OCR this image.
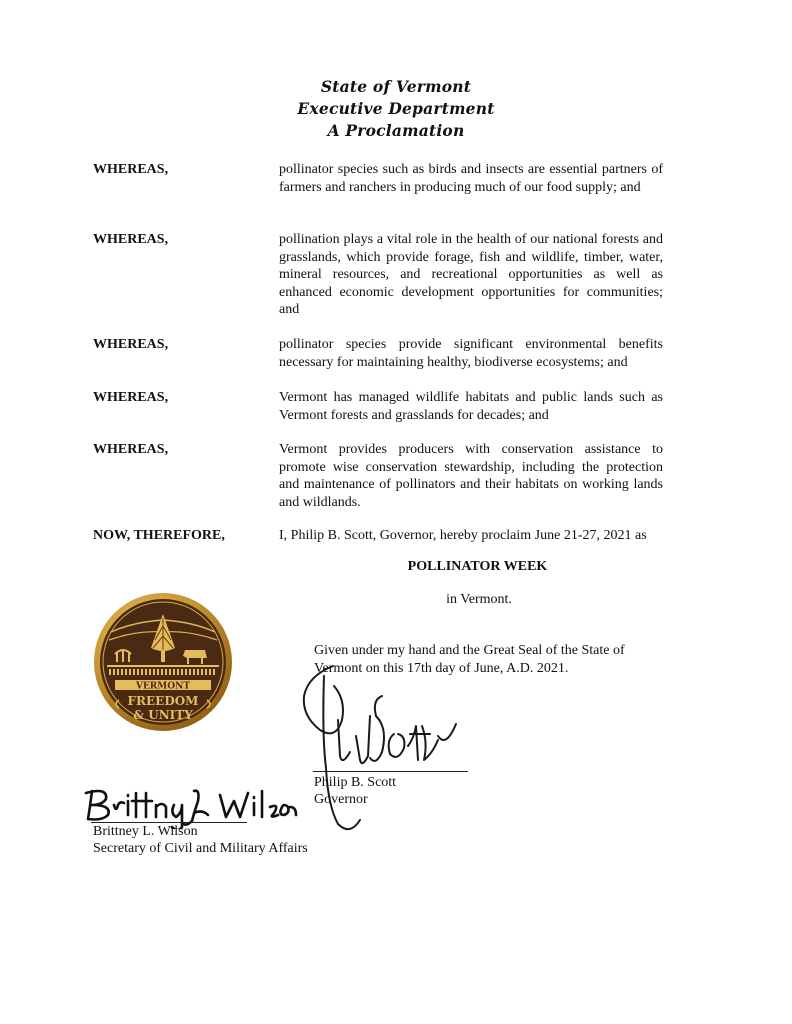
State of Vermont
Executive Department
A Proclamation
WHEREAS,	pollinator species such as birds and insects are essential partners of farmers and ranchers in producing much of our food supply; and
WHEREAS,	pollination plays a vital role in the health of our national forests and grasslands, which provide forage, fish and wildlife, timber, water, mineral resources, and recreational opportunities as well as enhanced economic development opportunities for communities; and
WHEREAS,	pollinator species provide significant environmental benefits necessary for maintaining healthy, biodiverse ecosystems; and
WHEREAS,	Vermont has managed wildlife habitats and public lands such as Vermont forests and grasslands for decades; and
WHEREAS,	Vermont provides producers with conservation assistance to promote wise conservation stewardship, including the protection and maintenance of pollinators and their habitats on working lands and wildlands.
NOW, THEREFORE,	I, Philip B. Scott, Governor, hereby proclaim June 21-27, 2021 as
POLLINATOR WEEK
in Vermont.
VERMONT
FREEDOM
& UNITY
Given under my hand and the Great Seal of the State of Vermont on this 17th day of June, A.D. 2021.
Philip B. Scott
Governor
Brittney L. Wilson
Secretary of Civil and Military Affairs
